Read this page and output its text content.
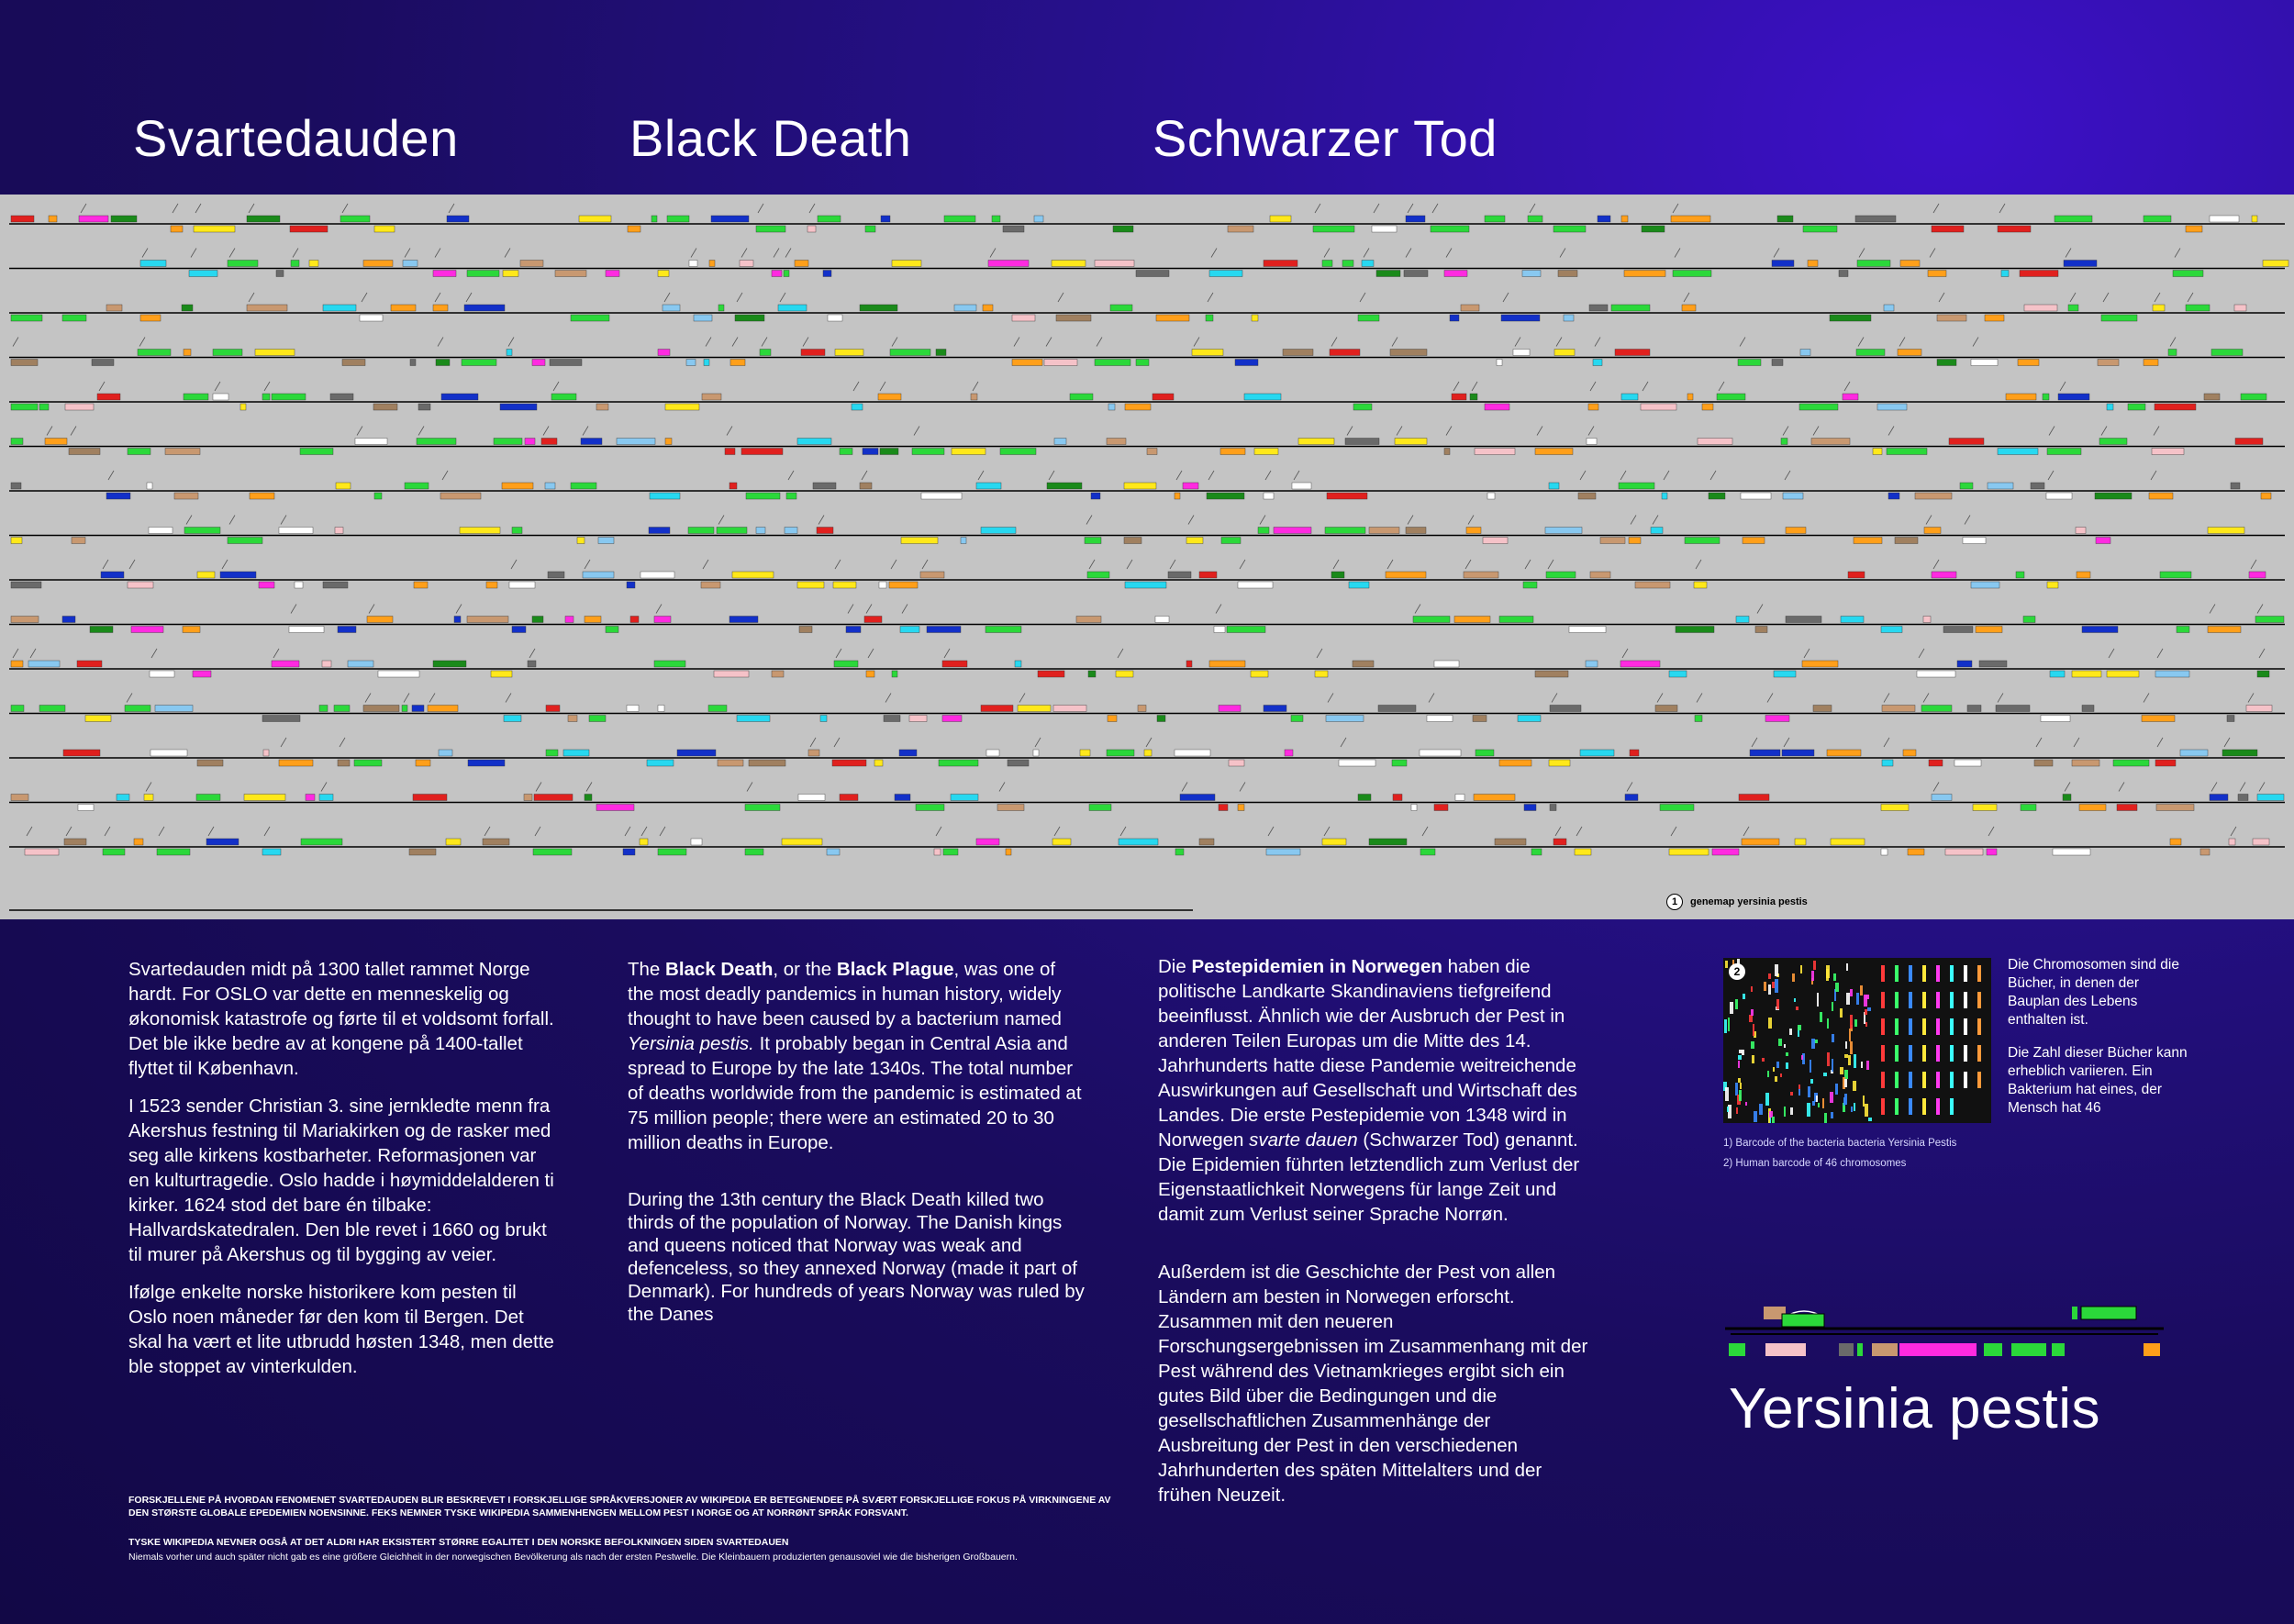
Svartedauden	Black Death	Schwarzer Tod
1	genemap yersinia pestis

Svartedauden midt på 1300 tallet rammet Norge hardt. For OSLO var dette en menneskelig og økonomisk katastrofe og førte til et voldsomt forfall. Det ble ikke bedre av at kongene på 1400-tallet flyttet til København.

I 1523 sender Christian 3. sine jernkledte menn fra Akershus festning til Mariakirken og de rasker med seg alle kirkens kostbarheter. Reformasjonen var en kulturtragedie. Oslo hadde i høymiddelalderen ti kirker. 1624 stod det bare én tilbake: Hallvardskatedralen. Den ble revet i 1660 og brukt til murer på Akershus og til bygging av veier.

Ifølge enkelte norske historikere kom pesten til Oslo noen måneder før den kom til Bergen. Det skal ha vært et lite utbrudd høsten 1348, men dette ble stoppet av vinterkulden.

The Black Death, or the Black Plague, was one of the most deadly pandemics in human history, widely thought to have been caused by a bacterium named Yersinia pestis. It probably began in Central Asia and spread to Europe by the late 1340s. The total number of deaths worldwide from the pandemic is estimated at 75 million people; there were an estimated 20 to 30 million deaths in Europe.

During the 13th century the Black Death killed two thirds of the population of Norway. The Danish kings and queens noticed that Norway was weak and defenceless, so they annexed Norway (made it part of Denmark). For hundreds of years Norway was ruled by the Danes

Die Pestepidemien in Norwegen haben die politische Landkarte Skandinaviens tiefgreifend beeinflusst. Ähnlich wie der Ausbruch der Pest in anderen Teilen Europas um die Mitte des 14. Jahrhunderts hatte diese Pandemie weitreichende Auswirkungen auf Gesellschaft und Wirtschaft des Landes. Die erste Pestepidemie von 1348 wird in Norwegen svarte dauen (Schwarzer Tod) genannt. Die Epidemien führten letztendlich zum Verlust der Eigenstaatlichkeit Norwegens für lange Zeit und damit zum Verlust seiner Sprache Norrøn.

Außerdem ist die Geschichte der Pest von allen Ländern am besten in Norwegen erforscht. Zusammen mit den neueren Forschungsergebnissen im Zusammenhang mit der Pest während des Vietnamkrieges ergibt sich ein gutes Bild über die Bedingungen und die gesellschaftlichen Zusammenhänge der Ausbreitung der Pest in den verschiedenen Jahrhunderten des späten Mittelalters und der frühen Neuzeit.

2
1) Barcode of the bacteria bacteria Yersinia Pestis
2) Human barcode of 46 chromosomes

Die Chromosomen sind die Bücher, in denen der Bauplan des Lebens enthalten ist.

Die Zahl dieser Bücher kann erheblich variieren. Ein Bakterium hat eines, der Mensch hat 46

Yersinia pestis

FORSKJELLENE PÅ HVORDAN FENOMENET SVARTEDAUDEN BLIR BESKREVET I FORSKJELLIGE SPRÅKVERSJONER AV WIKIPEDIA ER BETEGNENDEE PÅ SVÆRT FORSKJELLIGE FOKUS PÅ VIRKNINGENE AV DEN STØRSTE GLOBALE EPEDEMIEN NOENSINNE. FEKS NEMNER TYSKE WIKIPEDIA SAMMENHENGEN MELLOM PEST I NORGE OG AT NORRØNT SPRÅK FORSVANT.

TYSKE WIKIPEDIA NEVNER OGSÅ AT DET ALDRI HAR EKSISTERT STØRRE EGALITET I DEN NORSKE BEFOLKNINGEN SIDEN SVARTEDAUEN

Niemals vorher und auch später nicht gab es eine größere Gleichheit in der norwegischen Bevölkerung als nach der ersten Pestwelle. Die Kleinbauern produzierten genausoviel wie die bisherigen Großbauern.
